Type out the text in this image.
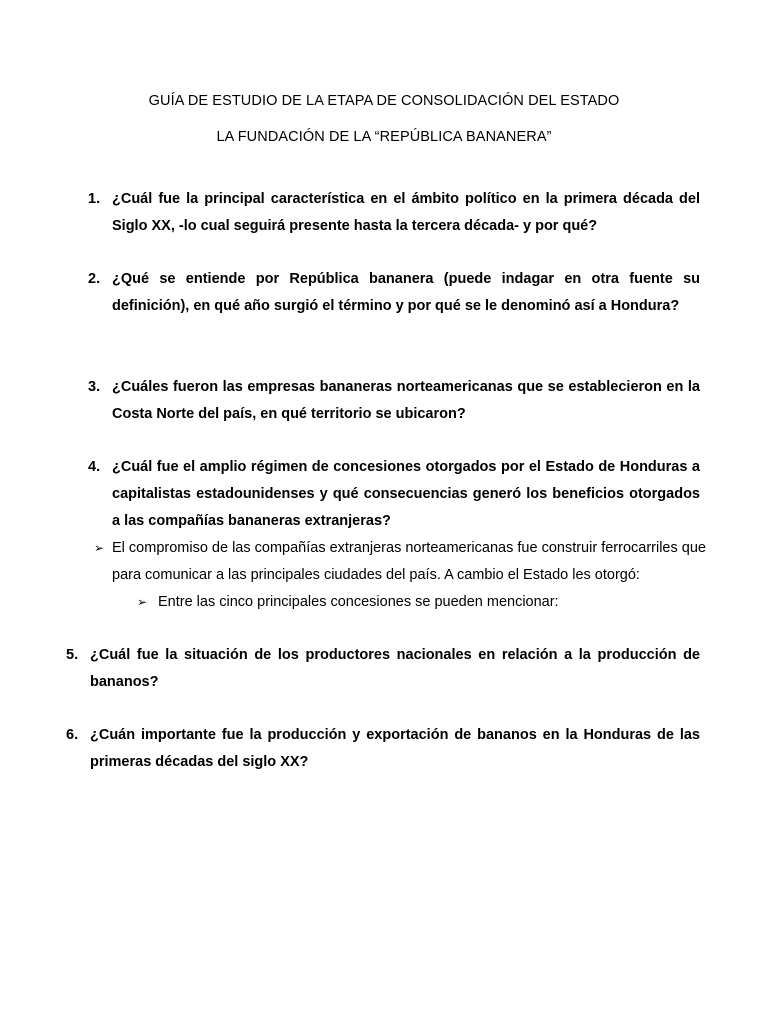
GUÍA DE ESTUDIO DE LA ETAPA DE CONSOLIDACIÓN DEL ESTADO
LA FUNDACIÓN DE LA “REPÚBLICA BANANERA”
1. ¿Cuál fue la principal característica en el ámbito político en la primera década del Siglo XX, -lo cual seguirá presente hasta la tercera década- y por qué?
2. ¿Qué se entiende por República bananera (puede indagar en otra fuente su definición), en qué año surgió el término y por qué se le denominó así a Hondura?
3. ¿Cuáles fueron las empresas bananeras norteamericanas que se establecieron en la Costa Norte del país, en qué territorio se ubicaron?
4. ¿Cuál fue el amplio régimen de concesiones otorgados por el Estado de Honduras a capitalistas estadounidenses y qué consecuencias generó los beneficios otorgados a las compañías bananeras extranjeras?
➢ El compromiso de las compañías extranjeras norteamericanas fue construir ferrocarriles que para comunicar a las principales ciudades del país. A cambio el Estado les otorgó:
➢ Entre las cinco principales concesiones se pueden mencionar:
5. ¿Cuál fue la situación de los productores nacionales en relación a la producción de bananos?
6. ¿Cuán importante fue la producción y exportación de bananos en la Honduras de las primeras décadas del siglo XX?
